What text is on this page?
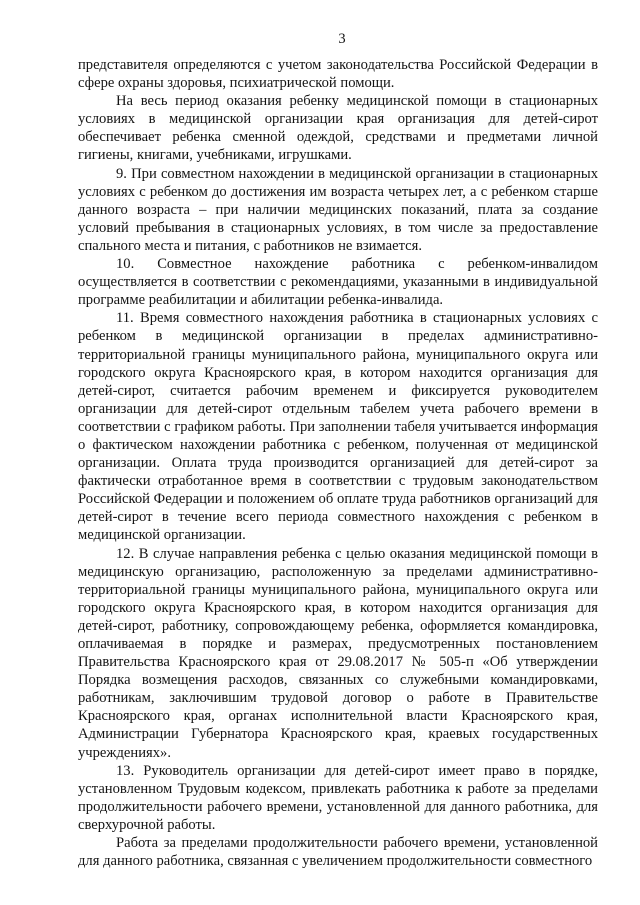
3

представителя определяются с учетом законодательства Российской Федерации в сфере охраны здоровья, психиатрической помощи.

На весь период оказания ребенку медицинской помощи в стационарных условиях в медицинской организации края организация для детей-сирот обеспечивает ребенка сменной одеждой, средствами и предметами личной гигиены, книгами, учебниками, игрушками.

9. При совместном нахождении в медицинской организации в стационарных условиях с ребенком до достижения им возраста четырех лет, а с ребенком старше данного возраста – при наличии медицинских показаний, плата за создание условий пребывания в стационарных условиях, в том числе за предоставление спального места и питания, с работников не взимается.

10. Совместное нахождение работника с ребенком-инвалидом осуществляется в соответствии с рекомендациями, указанными в индивидуальной программе реабилитации и абилитации ребенка-инвалида.

11. Время совместного нахождения работника в стационарных условиях с ребенком в медицинской организации в пределах административно-территориальной границы муниципального района, муниципального округа или городского округа Красноярского края, в котором находится организация для детей-сирот, считается рабочим временем и фиксируется руководителем организации для детей-сирот отдельным табелем учета рабочего времени в соответствии с графиком работы. При заполнении табеля учитывается информация о фактическом нахождении работника с ребенком, полученная от медицинской организации. Оплата труда производится организацией для детей-сирот за фактически отработанное время в соответствии с трудовым законодательством Российской Федерации и положением об оплате труда работников организаций для детей-сирот в течение всего периода совместного нахождения с ребенком в медицинской организации.

12. В случае направления ребенка с целью оказания медицинской помощи в медицинскую организацию, расположенную за пределами административно-территориальной границы муниципального района, муниципального округа или городского округа Красноярского края, в котором находится организация для детей-сирот, работнику, сопровождающему ребенка, оформляется командировка, оплачиваемая в порядке и размерах, предусмотренных постановлением Правительства Красноярского края от 29.08.2017 № 505-п «Об утверждении Порядка возмещения расходов, связанных со служебными командировками, работникам, заключившим трудовой договор о работе в Правительстве Красноярского края, органах исполнительной власти Красноярского края, Администрации Губернатора Красноярского края, краевых государственных учреждениях».

13. Руководитель организации для детей-сирот имеет право в порядке, установленном Трудовым кодексом, привлекать работника к работе за пределами продолжительности рабочего времени, установленной для данного работника, для сверхурочной работы.

Работа за пределами продолжительности рабочего времени, установленной для данного работника, связанная с увеличением продолжительности совместного
